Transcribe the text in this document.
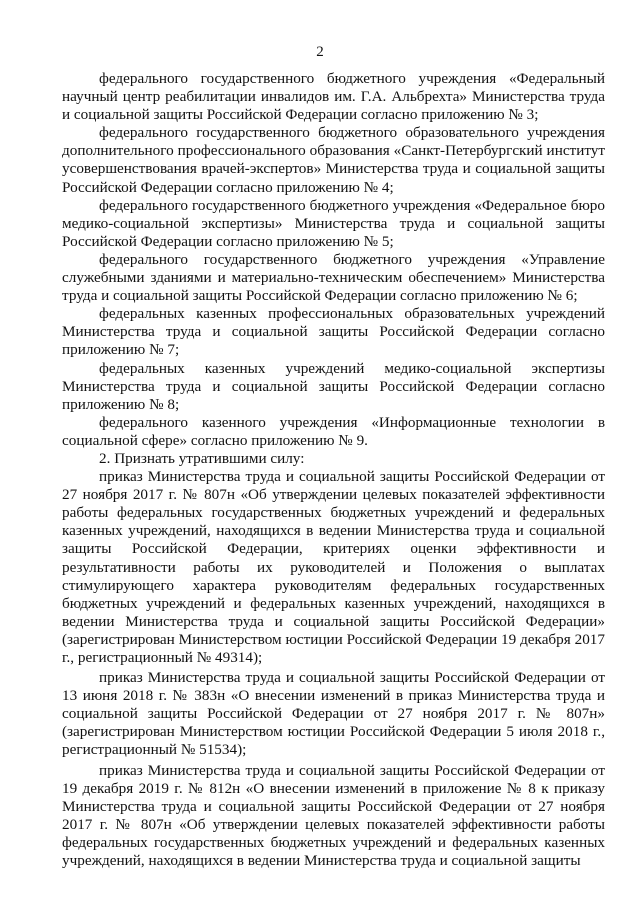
2

федерального государственного бюджетного учреждения «Федеральный научный центр реабилитации инвалидов им. Г.А. Альбрехта» Министерства труда и социальной защиты Российской Федерации согласно приложению № 3;

федерального государственного бюджетного образовательного учреждения дополнительного профессионального образования «Санкт-Петербургский институт усовершенствования врачей-экспертов» Министерства труда и социальной защиты Российской Федерации согласно приложению № 4;

федерального государственного бюджетного учреждения «Федеральное бюро медико-социальной экспертизы» Министерства труда и социальной защиты Российской Федерации согласно приложению № 5;

федерального государственного бюджетного учреждения «Управление служебными зданиями и материально-техническим обеспечением» Министерства труда и социальной защиты Российской Федерации согласно приложению № 6;

федеральных казенных профессиональных образовательных учреждений Министерства труда и социальной защиты Российской Федерации согласно приложению № 7;

федеральных казенных учреждений медико-социальной экспертизы Министерства труда и социальной защиты Российской Федерации согласно приложению № 8;

федерального казенного учреждения «Информационные технологии в социальной сфере» согласно приложению № 9.

2. Признать утратившими силу:

приказ Министерства труда и социальной защиты Российской Федерации от 27 ноября 2017 г. № 807н «Об утверждении целевых показателей эффективности работы федеральных государственных бюджетных учреждений и федеральных казенных учреждений, находящихся в ведении Министерства труда и социальной защиты Российской Федерации, критериях оценки эффективности и результативности работы их руководителей и Положения о выплатах стимулирующего характера руководителям федеральных государственных бюджетных учреждений и федеральных казенных учреждений, находящихся в ведении Министерства труда и социальной защиты Российской Федерации» (зарегистрирован Министерством юстиции Российской Федерации 19 декабря 2017 г., регистрационный № 49314);

приказ Министерства труда и социальной защиты Российской Федерации от 13 июня 2018 г. № 383н «О внесении изменений в приказ Министерства труда и социальной защиты Российской Федерации от 27 ноября 2017 г. № 807н» (зарегистрирован Министерством юстиции Российской Федерации 5 июля 2018 г., регистрационный № 51534);

приказ Министерства труда и социальной защиты Российской Федерации от 19 декабря 2019 г. № 812н «О внесении изменений в приложение № 8 к приказу Министерства труда и социальной защиты Российской Федерации от 27 ноября 2017 г. № 807н «Об утверждении целевых показателей эффективности работы федеральных государственных бюджетных учреждений и федеральных казенных учреждений, находящихся в ведении Министерства труда и социальной защиты
